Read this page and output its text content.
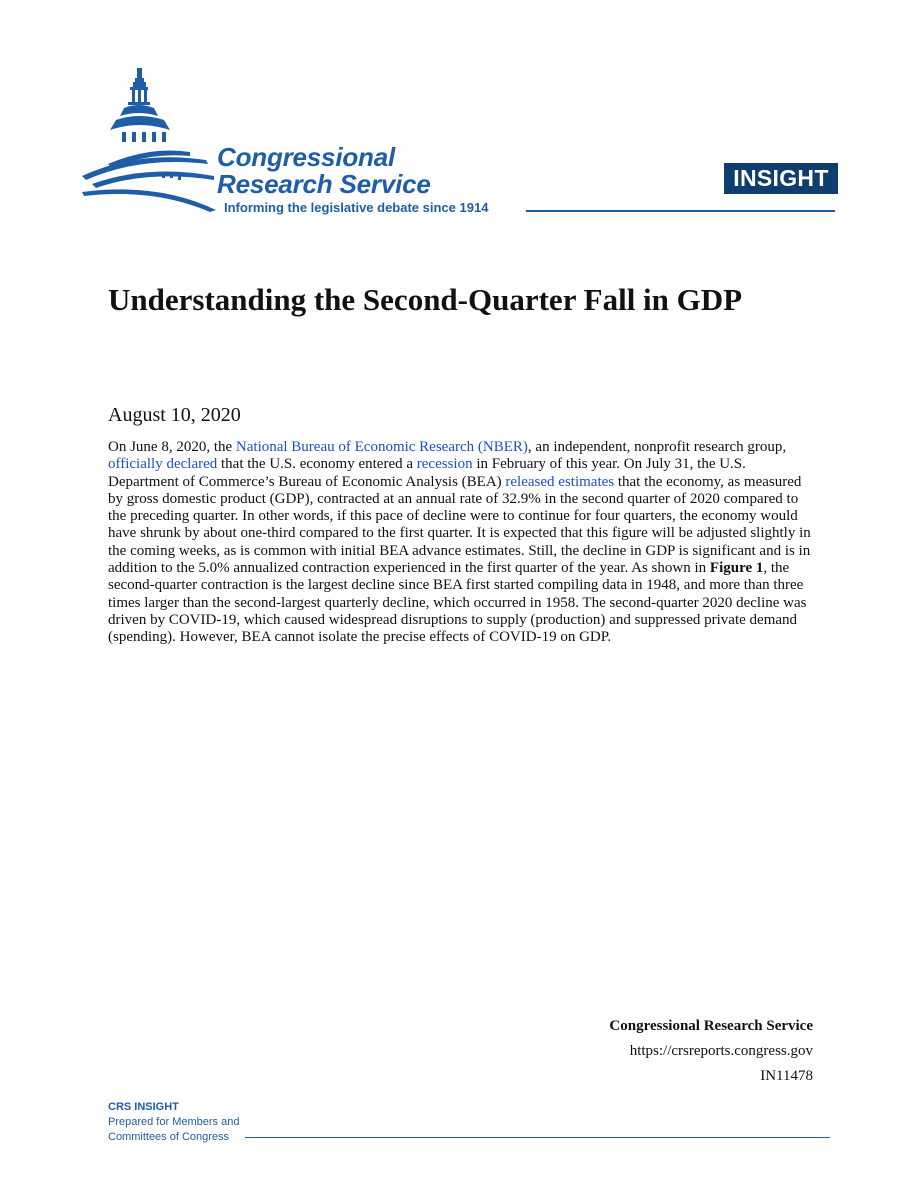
Congressional
Research Service
Informing the legislative debate since 1914
INSIGHT
Understanding the Second-Quarter Fall in GDP
August 10, 2020

On June 8, 2020, the National Bureau of Economic Research (NBER), an independent, nonprofit research group, officially declared that the U.S. economy entered a recession in February of this year. On July 31, the U.S. Department of Commerce’s Bureau of Economic Analysis (BEA) released estimates that the economy, as measured by gross domestic product (GDP), contracted at an annual rate of 32.9% in the second quarter of 2020 compared to the preceding quarter. In other words, if this pace of decline were to continue for four quarters, the economy would have shrunk by about one-third compared to the first quarter. It is expected that this figure will be adjusted slightly in the coming weeks, as is common with initial BEA advance estimates. Still, the decline in GDP is significant and is in addition to the 5.0% annualized contraction experienced in the first quarter of the year. As shown in Figure 1, the second-quarter contraction is the largest decline since BEA first started compiling data in 1948, and more than three times larger than the second-largest quarterly decline, which occurred in 1958. The second-quarter 2020 decline was driven by COVID-19, which caused widespread disruptions to supply (production) and suppressed private demand (spending). However, BEA cannot isolate the precise effects of COVID-19 on GDP.

Congressional Research Service
https://crsreports.congress.gov
IN11478
CRS INSIGHT
Prepared for Members and
Committees of Congress
